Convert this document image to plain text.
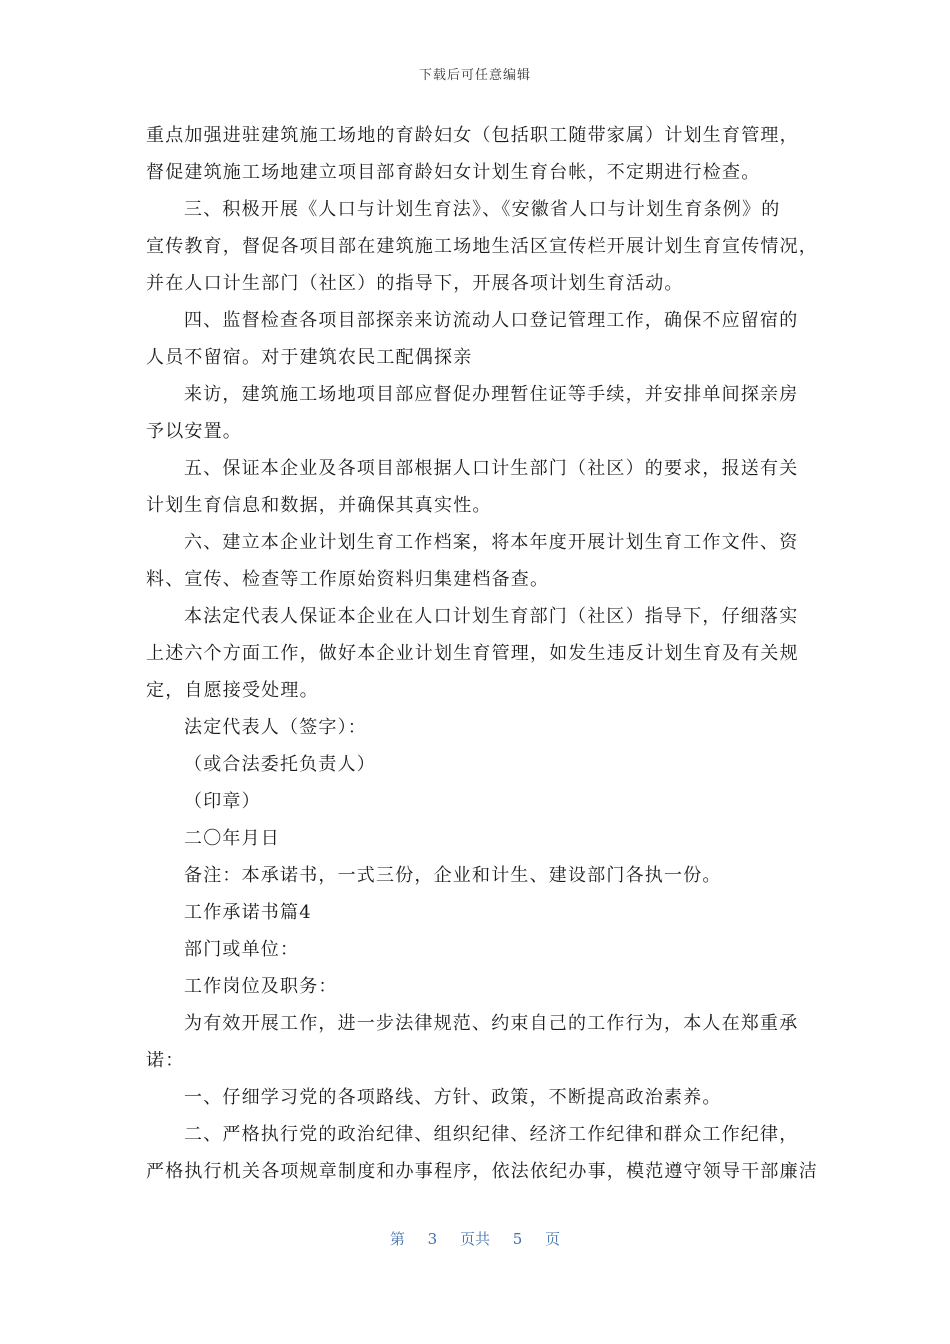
下载后可任意编辑
重点加强进驻建筑施工场地的育龄妇女（包括职工随带家属）计划生育管理，
督促建筑施工场地建立项目部育龄妇女计划生育台帐，不定期进行检查。
三、积极开展《人口与计划生育法》、《安徽省人口与计划生育条例》的
宣传教育，督促各项目部在建筑施工场地生活区宣传栏开展计划生育宣传情况，
并在人口计生部门（社区）的指导下，开展各项计划生育活动。
四、监督检查各项目部探亲来访流动人口登记管理工作，确保不应留宿的
人员不留宿。对于建筑农民工配偶探亲
来访，建筑施工场地项目部应督促办理暂住证等手续，并安排单间探亲房
予以安置。
五、保证本企业及各项目部根据人口计生部门（社区）的要求，报送有关
计划生育信息和数据，并确保其真实性。
六、建立本企业计划生育工作档案，将本年度开展计划生育工作文件、资
料、宣传、检查等工作原始资料归集建档备查。
本法定代表人保证本企业在人口计划生育部门（社区）指导下，仔细落实
上述六个方面工作，做好本企业计划生育管理，如发生违反计划生育及有关规
定，自愿接受处理。
法定代表人（签字）：
（或合法委托负责人）
（印章）
二〇年月日
备注：本承诺书，一式三份，企业和计生、建设部门各执一份。
工作承诺书篇4
部门或单位：
工作岗位及职务：
为有效开展工作，进一步法律规范、约束自己的工作行为，本人在郑重承
诺：
一、仔细学习党的各项路线、方针、政策，不断提高政治素养。
二、严格执行党的政治纪律、组织纪律、经济工作纪律和群众工作纪律，
严格执行机关各项规章制度和办事程序，依法依纪办事，模范遵守领导干部廉洁
第 3 页共 5 页
